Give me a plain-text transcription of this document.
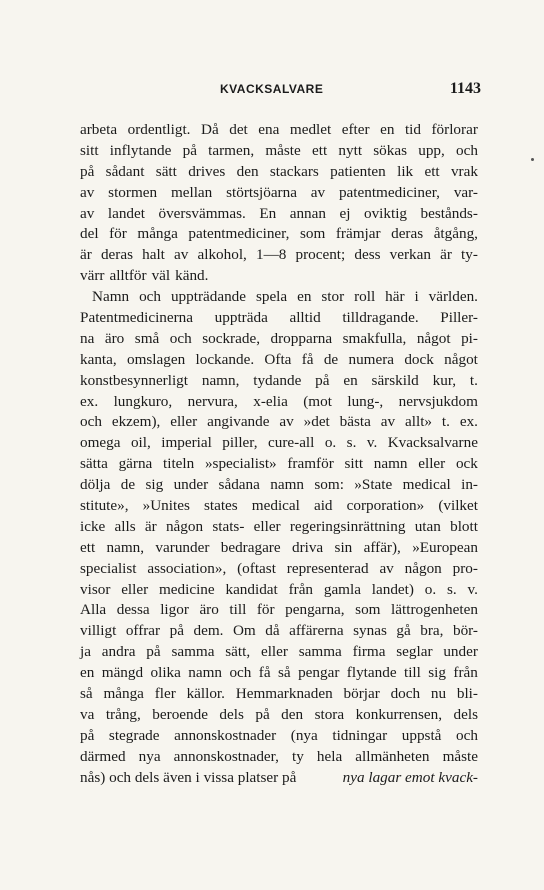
KVACKSALVARE	1143
arbeta ordentligt. Då det ena medlet efter en tid förlorar
sitt inflytande på tarmen, måste ett nytt sökas upp, och
på sådant sätt drives den stackars patienten lik ett vrak
av stormen mellan störtsjöarna av patentmediciner, var-
av landet översvämmas. En annan ej oviktig bestånds-
del för många patentmediciner, som främjar deras åtgång,
är deras halt av alkohol, 1—8 procent; dess verkan är ty-
värr alltför väl känd.
Namn och uppträdande spela en stor roll här i världen.
Patentmedicinerna uppträda alltid tilldragande. Piller-
na äro små och sockrade, dropparna smakfulla, något pi-
kanta, omslagen lockande. Ofta få de numera dock något
konstbesynnerligt namn, tydande på en särskild kur, t.
ex. lungkuro, nervura, x-elia (mot lung-, nervsjukdom
och ekzem), eller angivande av »det bästa av allt» t. ex.
omega oil, imperial piller, cure-all o. s. v. Kvacksalvarne
sätta gärna titeln »specialist» framför sitt namn eller ock
dölja de sig under sådana namn som: »State medical in-
stitute», »Unites states medical aid corporation» (vilket
icke alls är någon stats- eller regeringsinrättning utan blott
ett namn, varunder bedragare driva sin affär), »European
specialist association», (oftast representerad av någon pro-
visor eller medicine kandidat från gamla landet) o. s. v.
Alla dessa ligor äro till för pengarna, som lättrogenheten
villigt offrar på dem. Om då affärerna synas gå bra, bör-
ja andra på samma sätt, eller samma firma seglar under
en mängd olika namn och få så pengar flytande till sig från
så många fler källor. Hemmarknaden börjar doch nu bli-
va trång, beroende dels på den stora konkurrensen, dels
på stegrade annonskostnader (nya tidningar uppstå och
därmed nya annonskostnader, ty hela allmänheten måste
nås) och dels även i vissa platser på	nya lagar emot kvack-
